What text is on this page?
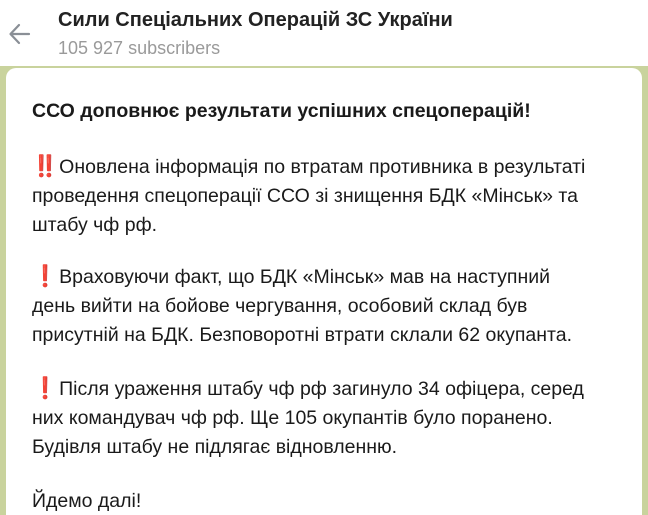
Сили Спеціальних Операцій ЗС України
105 927 subscribers
ССО доповнює результати успішних спецоперацій!
‼️ Оновлена інформація по втратам противника в результаті
проведення спецоперації ССО зі знищення БДК «Мінськ» та
штабу чф рф.
❗ Враховуючи факт, що БДК «Мінськ» мав на наступний
день вийти на бойове чергування, особовий склад був
присутній на БДК. Безповоротні втрати склали 62 окупанта.
❗ Після ураження штабу чф рф загинуло 34 офіцера, серед
них командувач чф рф. Ще 105 окупантів було поранено.
Будівля штабу не підлягає відновленню.
Йдемо далі!
